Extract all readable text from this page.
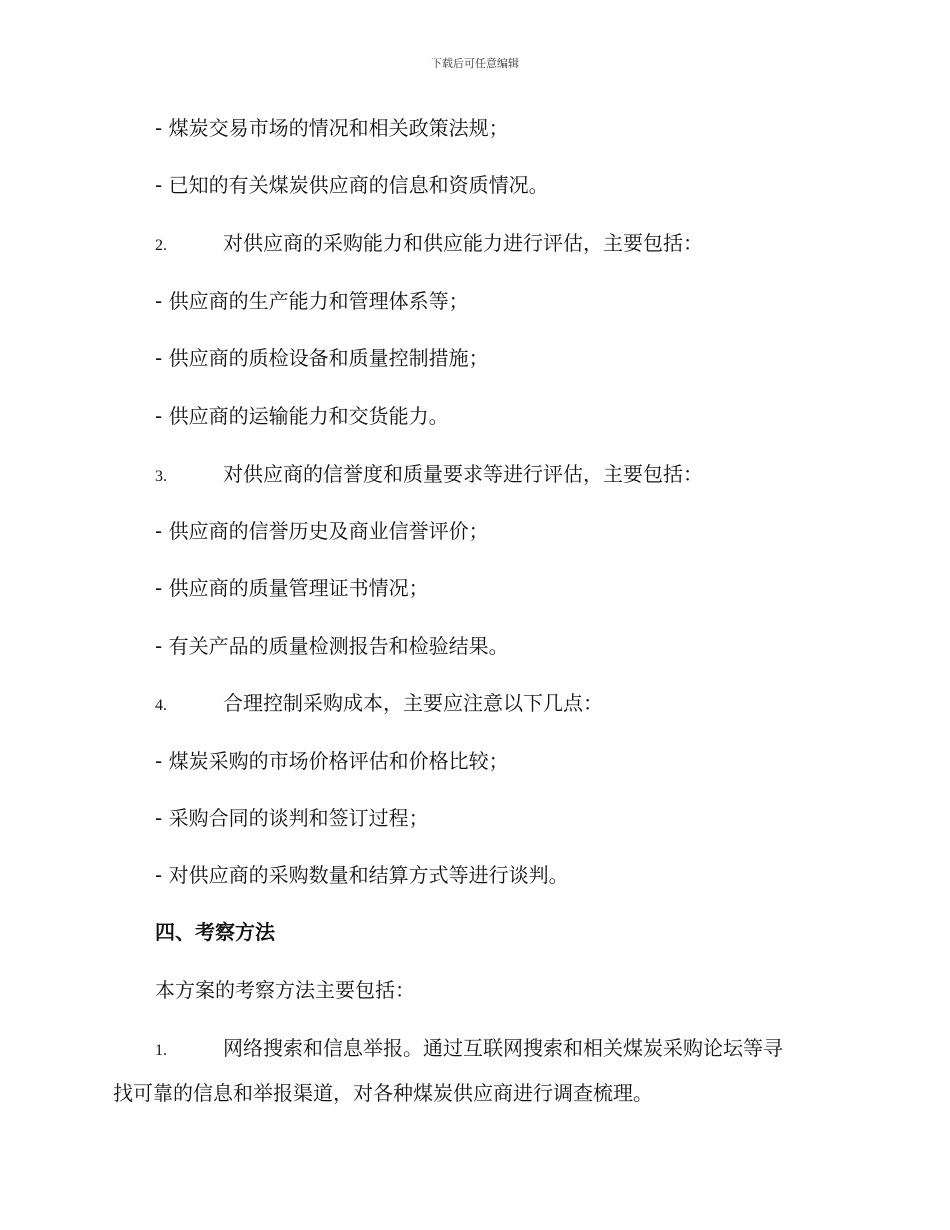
下载后可任意编辑
- 煤炭交易市场的情况和相关政策法规；
- 已知的有关煤炭供应商的信息和资质情况。
2.	对供应商的采购能力和供应能力进行评估，主要包括：
- 供应商的生产能力和管理体系等；
- 供应商的质检设备和质量控制措施；
- 供应商的运输能力和交货能力。
3.	对供应商的信誉度和质量要求等进行评估，主要包括：
- 供应商的信誉历史及商业信誉评价；
- 供应商的质量管理证书情况；
- 有关产品的质量检测报告和检验结果。
4.	合理控制采购成本，主要应注意以下几点：
- 煤炭采购的市场价格评估和价格比较；
- 采购合同的谈判和签订过程；
- 对供应商的采购数量和结算方式等进行谈判。
四、考察方法
本方案的考察方法主要包括：
1.	网络搜索和信息举报。通过互联网搜索和相关煤炭采购论坛等寻
找可靠的信息和举报渠道，对各种煤炭供应商进行调查梳理。
